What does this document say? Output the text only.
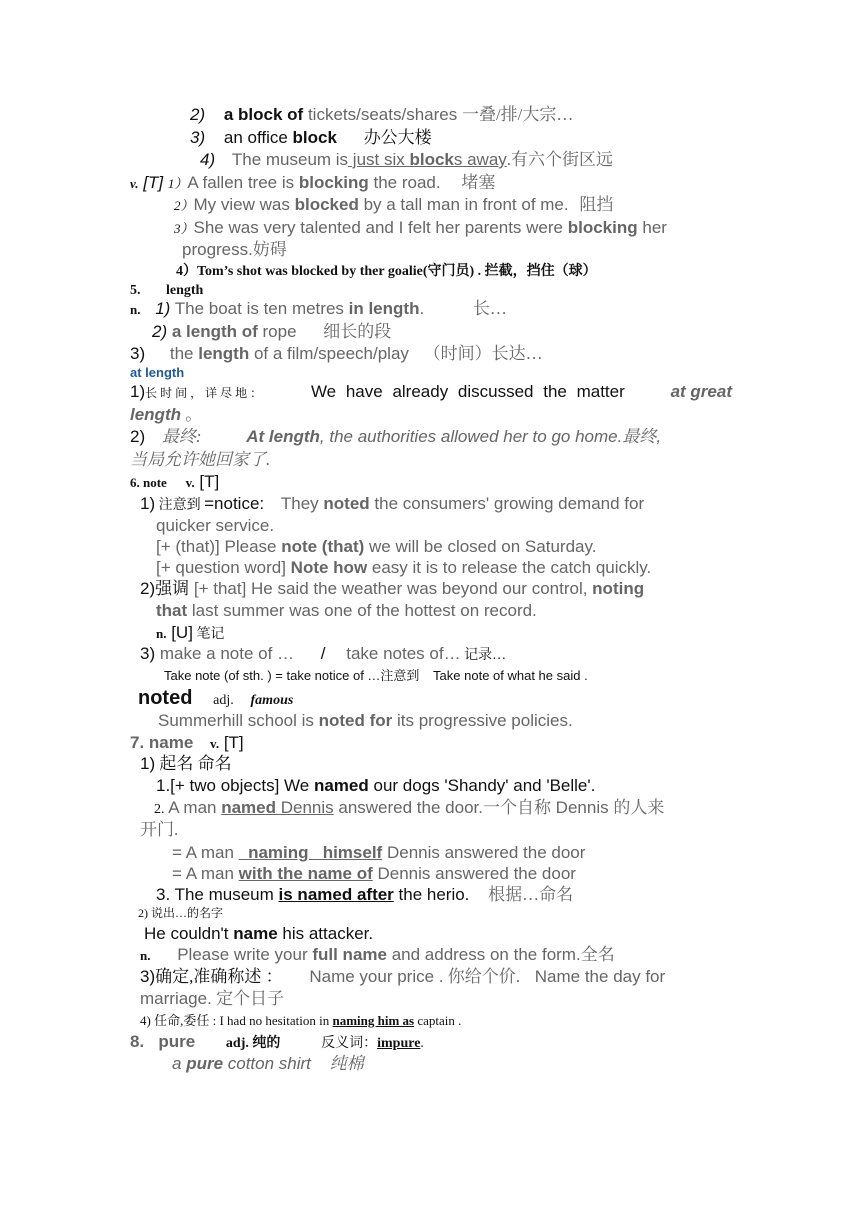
2) a block of tickets/seats/shares 一叠/排/大宗…
3) an office block 办公大楼
4) The museum is just six blocks away.有六个街区远
v. [T] 1）A fallen tree is blocking the road. 堵塞
2）My view was blocked by a tall man in front of me. 阻挡
3）She was very talented and I felt her parents were blocking her
progress.妨碍
4）Tom’s shot was blocked by ther goalie(守门员) . 拦截，挡住（球）
5. length
n. 1) The boat is ten metres in length.	长…
2) a length of rope 细长的段
3) the length of a film/speech/play （时间）长达…
at length
1)长时间，详尽地：	We have already discussed the matter	at great
length 。
2) 最终:	At length, the authorities allowed her to go home.最终,
当局允许她回家了.
6. note v. [T]
1) 注意到 =notice: They noted the consumers' growing demand for
quicker service.
[+ (that)] Please note (that) we will be closed on Saturday.
[+ question word] Note how easy it is to release the catch quickly.
2)强调 [+ that] He said the weather was beyond our control, noting
that last summer was one of the hottest on record.
n. [U] 笔记
3) make a note of … / take notes of… 记录…
Take note (of sth. ) = take notice of …注意到 Take note of what he said .
noted adj. famous
Summerhill school is noted for its progressive policies.
7. name v. [T]
1) 起名 命名
1.[+ two objects] We named our dogs 'Shandy' and 'Belle'.
2. A man named Dennis answered the door.一个自称 Dennis 的人来
开门.
= A man   naming   himself Dennis answered the door
= A man with the name of Dennis answered the door
3. The museum is named after the herio. 根据…命名
2) 说出…的名字
He couldn't name his attacker.
n. Please write your full name and address on the form.全名
3)确定,准确称述 ： Name your price . 你给个价. Name the day for
marriage. 定个日子
4) 任命,委任 : I had no hesitation in naming him as captain .
8.   pure adj. 纯的	反义词：impure.
a pure cotton shirt 纯棉
